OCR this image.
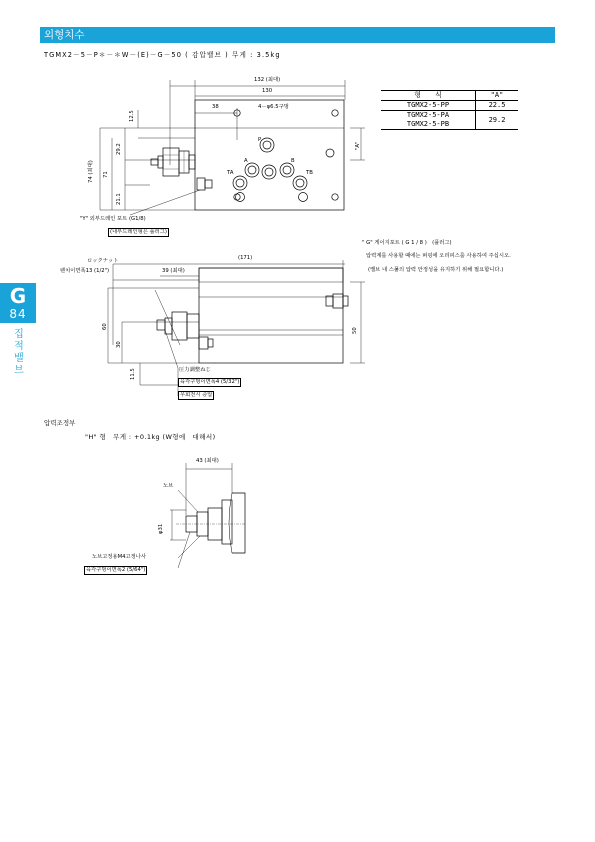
외형치수
TGMX2－5－P＊－＊W－(E)－G－50 ( 감압밸브 ) 무게 : 3.5kg
G
84
집적밸브
형　　식	"A"
TGMX2-5-PP	22.5
TGMX2-5-PA	29.2
TGMX2-5-PB	
132 (최대)
130
38	4－φ6.5구멍
12.5
29.2
74 (최대) 71
21.1
"A"
P
A	B
TA	TB
"Y" 외부드레인 포트 (G1/8)
(내부드레인형은 플러그)
" G" 게이지포트 ( G 1 / 8 )　(플러그)
압력계를 사용할 때에는 퍼핑에 오리피스를 사용하여 주십시오.
(밸브 내 스풀의 압력 안정성을 유지하기 위해 필요합니다.)
ロックナット
렌치이면폭13 (1/2")
(171)
39 (최대)
60
30
11.5
50
圧力調整ねじ
육각구멍이면폭4 (5/32")
우회전시 증압
압력조정부
"H" 형　무게 : +0.1kg (W형에　대해서)
43 (최대)
노브
φ31
노브고정용M4고정나사
육각구멍이면폭2 (5/64")
